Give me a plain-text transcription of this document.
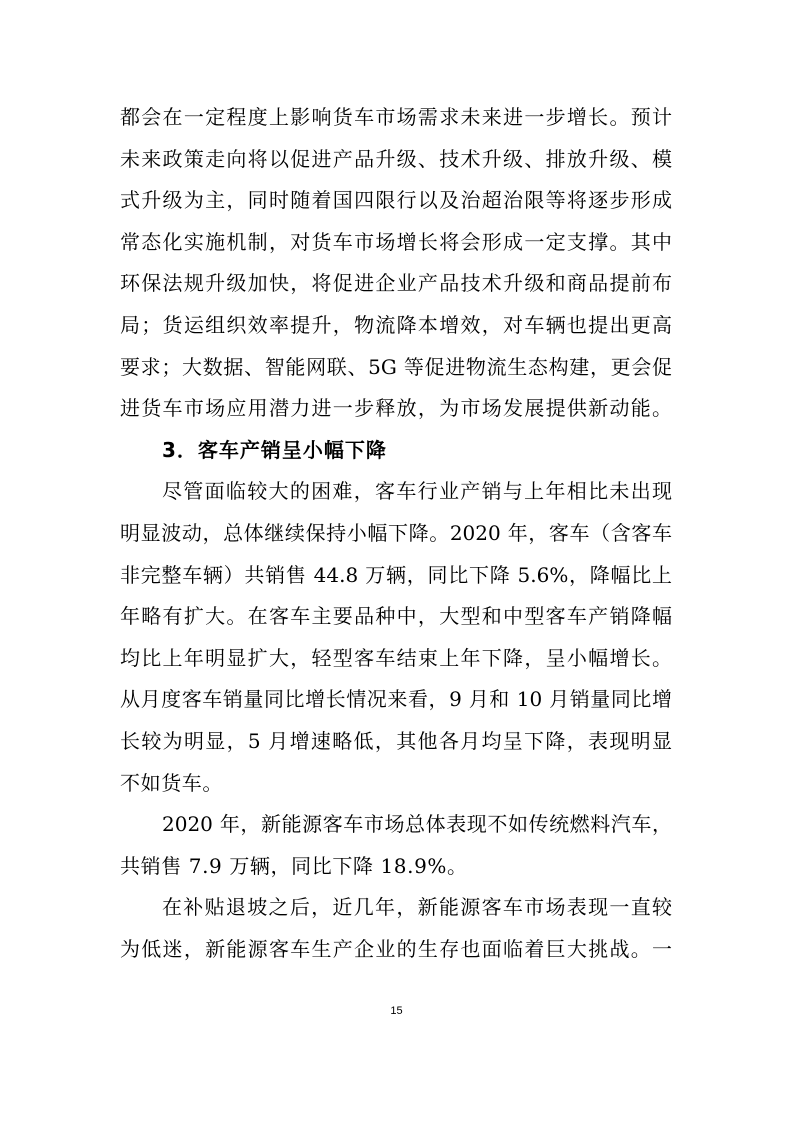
都会在一定程度上影响货车市场需求未来进一步增长。预计
未来政策走向将以促进产品升级、技术升级、排放升级、模
式升级为主，同时随着国四限行以及治超治限等将逐步形成
常态化实施机制，对货车市场增长将会形成一定支撑。其中
环保法规升级加快，将促进企业产品技术升级和商品提前布
局；货运组织效率提升，物流降本增效，对车辆也提出更高
要求；大数据、智能网联、5G 等促进物流生态构建，更会促
进货车市场应用潜力进一步释放，为市场发展提供新动能。
3．客车产销呈小幅下降
尽管面临较大的困难，客车行业产销与上年相比未出现
明显波动，总体继续保持小幅下降。2020 年，客车（含客车
非完整车辆）共销售 44.8 万辆，同比下降 5.6%，降幅比上
年略有扩大。在客车主要品种中，大型和中型客车产销降幅
均比上年明显扩大，轻型客车结束上年下降，呈小幅增长。
从月度客车销量同比增长情况来看，9 月和 10 月销量同比增
长较为明显，5 月增速略低，其他各月均呈下降，表现明显
不如货车。
2020 年，新能源客车市场总体表现不如传统燃料汽车，
共销售 7.9 万辆，同比下降 18.9%。
在补贴退坡之后，近几年，新能源客车市场表现一直较
为低迷，新能源客车生产企业的生存也面临着巨大挑战。一
15
